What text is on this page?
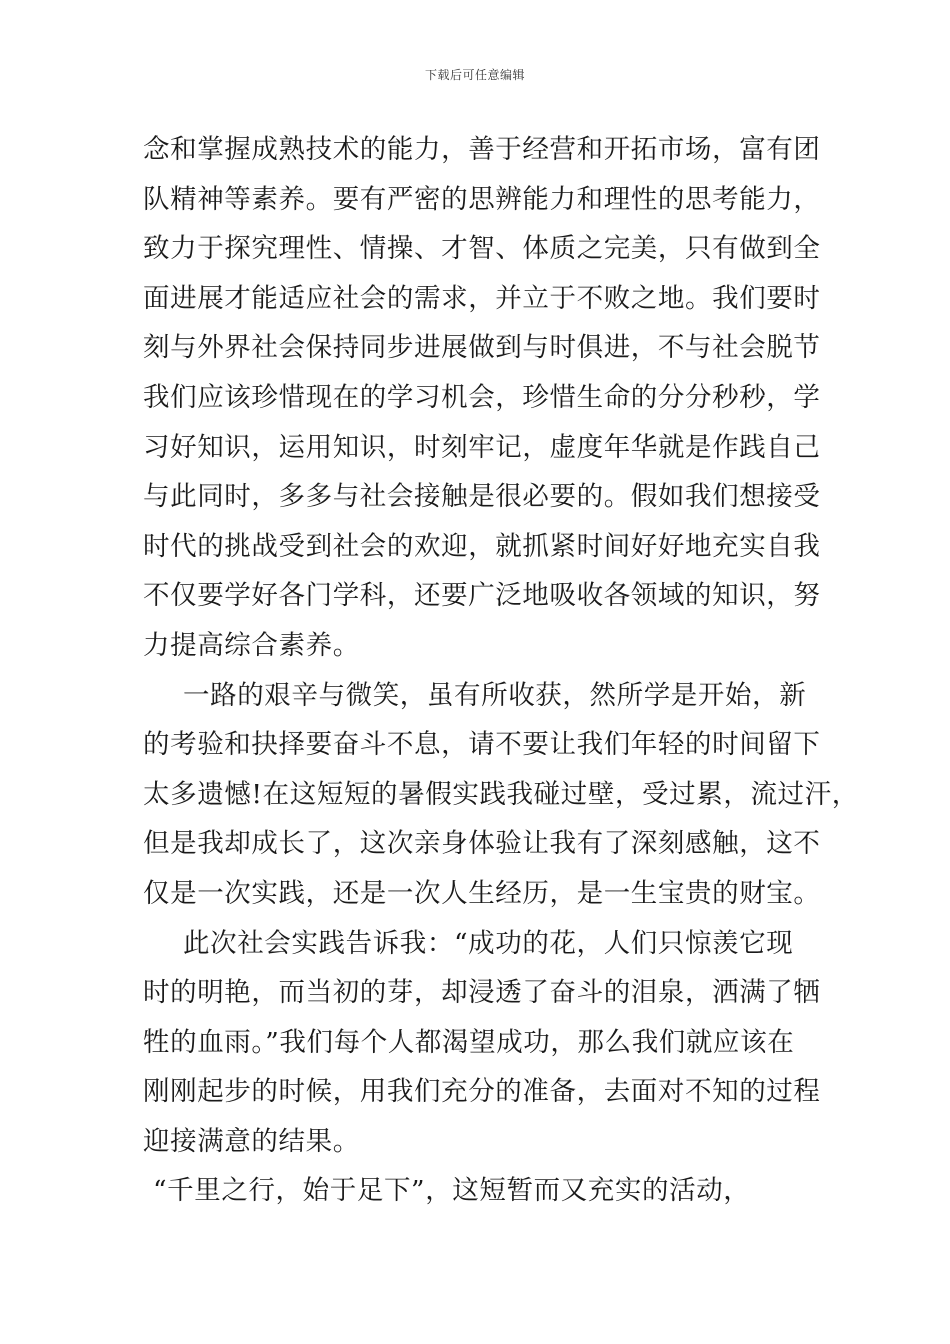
下载后可任意编辑
念和掌握成熟技术的能力，善于经营和开拓市场，富有团
队精神等素养。要有严密的思辨能力和理性的思考能力，
致力于探究理性、情操、才智、体质之完美，只有做到全
面进展才能适应社会的需求，并立于不败之地。我们要时
刻与外界社会保持同步进展做到与时俱进，不与社会脱节
我们应该珍惜现在的学习机会，珍惜生命的分分秒秒，学
习好知识，运用知识，时刻牢记，虚度年华就是作践自己
与此同时，多多与社会接触是很必要的。假如我们想接受
时代的挑战受到社会的欢迎，就抓紧时间好好地充实自我
不仅要学好各门学科，还要广泛地吸收各领域的知识，努
力提高综合素养。
一路的艰辛与微笑，虽有所收获，然所学是开始，新
的考验和抉择要奋斗不息，请不要让我们年轻的时间留下
太多遗憾!在这短短的暑假实践我碰过壁，受过累，流过汗，
但是我却成长了，这次亲身体验让我有了深刻感触，这不
仅是一次实践，还是一次人生经历，是一生宝贵的财宝。
此次社会实践告诉我：“成功的花，人们只惊羡它现
时的明艳，而当初的芽，却浸透了奋斗的泪泉，洒满了牺
牲的血雨。”我们每个人都渴望成功，那么我们就应该在
刚刚起步的时候，用我们充分的准备，去面对不知的过程
迎接满意的结果。
“千里之行，始于足下”，这短暂而又充实的活动，
